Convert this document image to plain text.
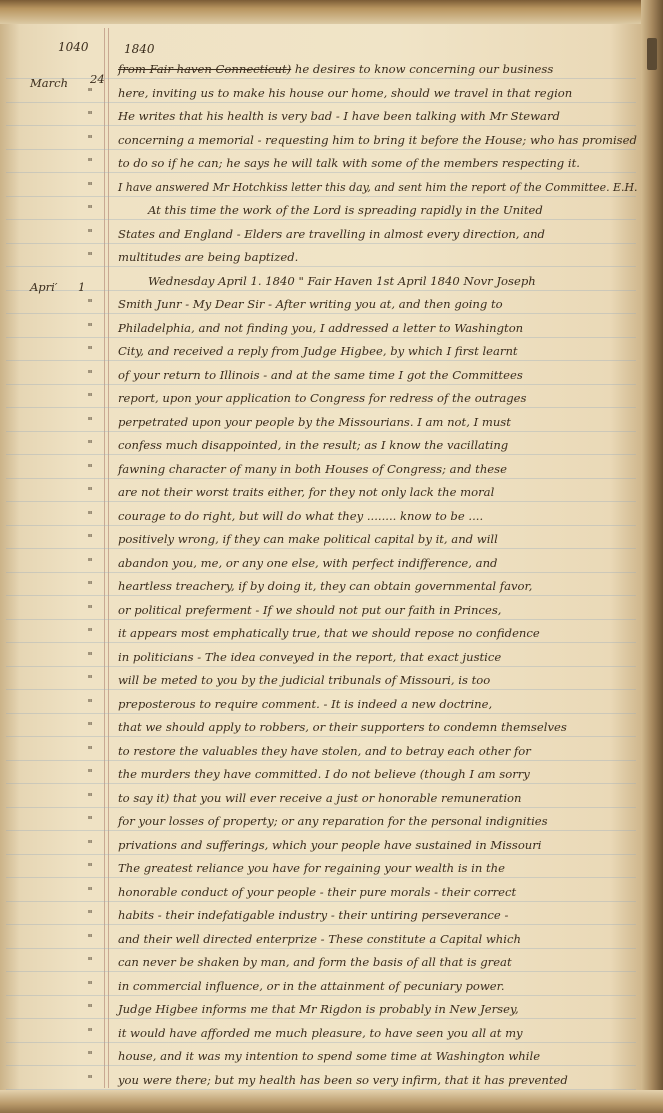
1040	1840
March 24
Apri′ 1
from Fair haven Connecticut) he desires to know concerning our business
here, inviting us to make his house our home, should we travel in that region
He writes that his health is very bad - I have been talking with Mr Steward
concerning a memorial - requesting him to bring it before the House; who has promised
to do so if he can; he says he will talk with some of the members respecting it.
I have answered Mr Hotchkiss letter this day, and sent him the report of the Committee. E.H.
At this time the work of the Lord is spreading rapidly in the United
States and England - Elders are travelling in almost every direction, and
multitudes are being baptized.
Wednesday April 1. 1840 " Fair Haven 1st April 1840 Novr Joseph
Smith Junr - My Dear Sir - After writing you at, and then going to
Philadelphia, and not finding you, I addressed a letter to Washington
City, and received a reply from Judge Higbee, by which I first learnt
of your return to Illinois - and at the same time I got the Committees
report, upon your application to Congress for redress of the outrages
perpetrated upon your people by the Missourians. I am not, I must
confess much disappointed, in the result; as I know the vacillating
fawning character of many in both Houses of Congress; and these
are not their worst traits either, for they not only lack the moral
courage to do right, but will do what they ........ know to be ....
positively wrong, if they can make political capital by it, and will
abandon you, me, or any one else, with perfect indifference, and
heartless treachery, if by doing it, they can obtain governmental favor,
or political preferment - If we should not put our faith in Princes,
it appears most emphatically true, that we should repose no confidence
in politicians - The idea conveyed in the report, that exact justice
will be meted to you by the judicial tribunals of Missouri, is too
preposterous to require comment. - It is indeed a new doctrine,
that we should apply to robbers, or their supporters to condemn themselves
to restore the valuables they have stolen, and to betray each other for
the murders they have committed. I do not believe (though I am sorry
to say it) that you will ever receive a just or honorable remuneration
for your losses of property; or any reparation for the personal indignities
privations and sufferings, which your people have sustained in Missouri
The greatest reliance you have for regaining your wealth is in the
honorable conduct of your people - their pure morals - their correct
habits - their indefatigable industry - their untiring perseverance -
and their well directed enterprize - These constitute a Capital which
can never be shaken by man, and form the basis of all that is great
in commercial influence, or in the attainment of pecuniary power.
Judge Higbee informs me that Mr Rigdon is probably in New Jersey,
it would have afforded me much pleasure, to have seen you all at my
house, and it was my intention to spend some time at Washington while
you were there; but my health has been so very infirm, that it has prevented
"
"
"
"
"
"
"
"
"
"
"
"
"
"
"
"
"
"
"
"
"
"
"
"
"
"
"
"
"
"
"
"
"
"
"
"
"
"
"
"
"
"
